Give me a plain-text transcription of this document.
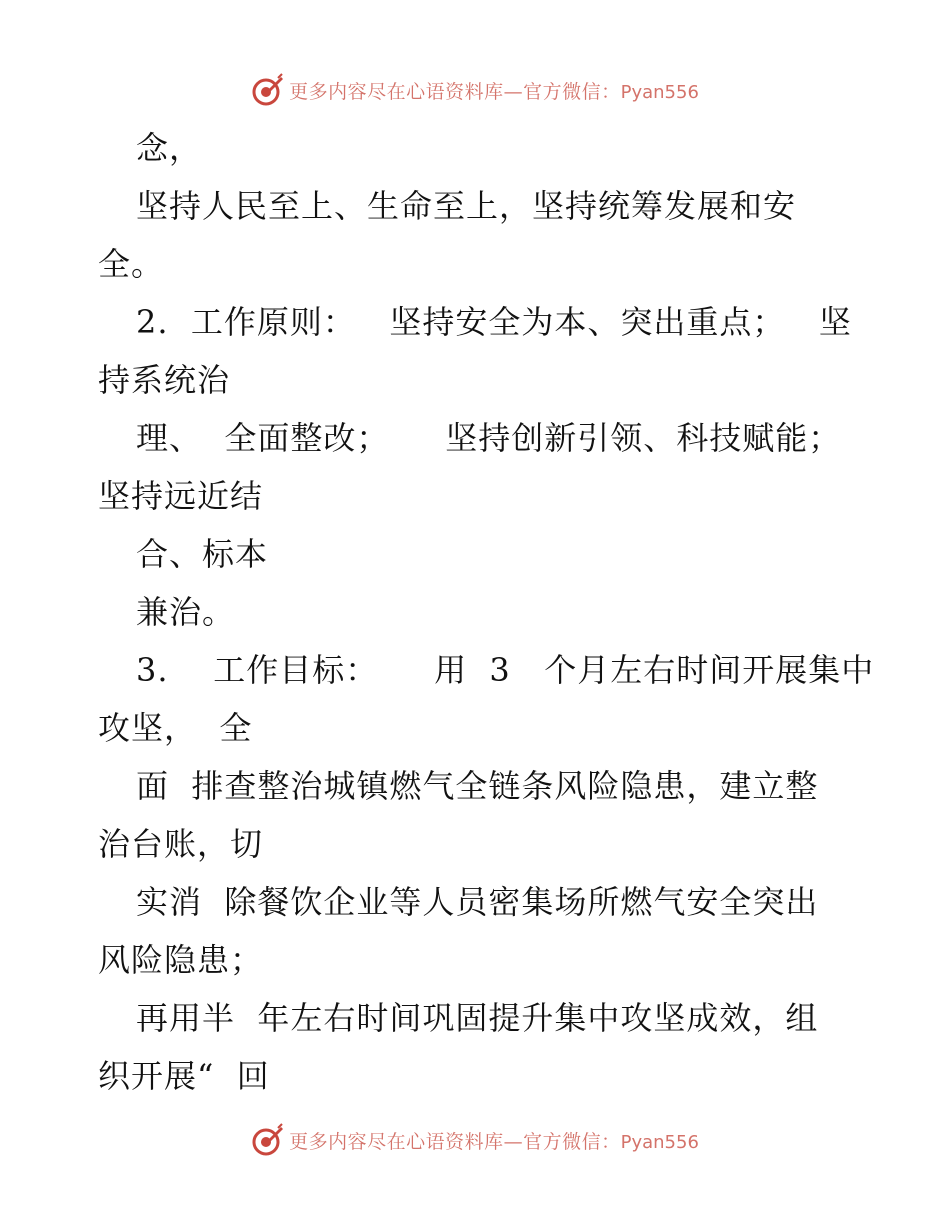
更多内容尽在心语资料库—官方微信：Pyan556
念，
坚持人民至上、生命至上，坚持统筹发展和安
全。
2.  工作原则：   坚持安全为本、突出重点；   坚
持系统治
理、  全面整改；     坚持创新引领、科技赋能；
坚持远近结
合、标本
兼治。
3.    工作目标：     用  3   个月左右时间开展集中
攻坚，  全
面  排查整治城镇燃气全链条风险隐患，建立整
治台账，切
实消  除餐饮企业等人员密集场所燃气安全突出
风险隐患；
再用半  年左右时间巩固提升集中攻坚成效，组
织开展“  回
更多内容尽在心语资料库—官方微信：Pyan556
